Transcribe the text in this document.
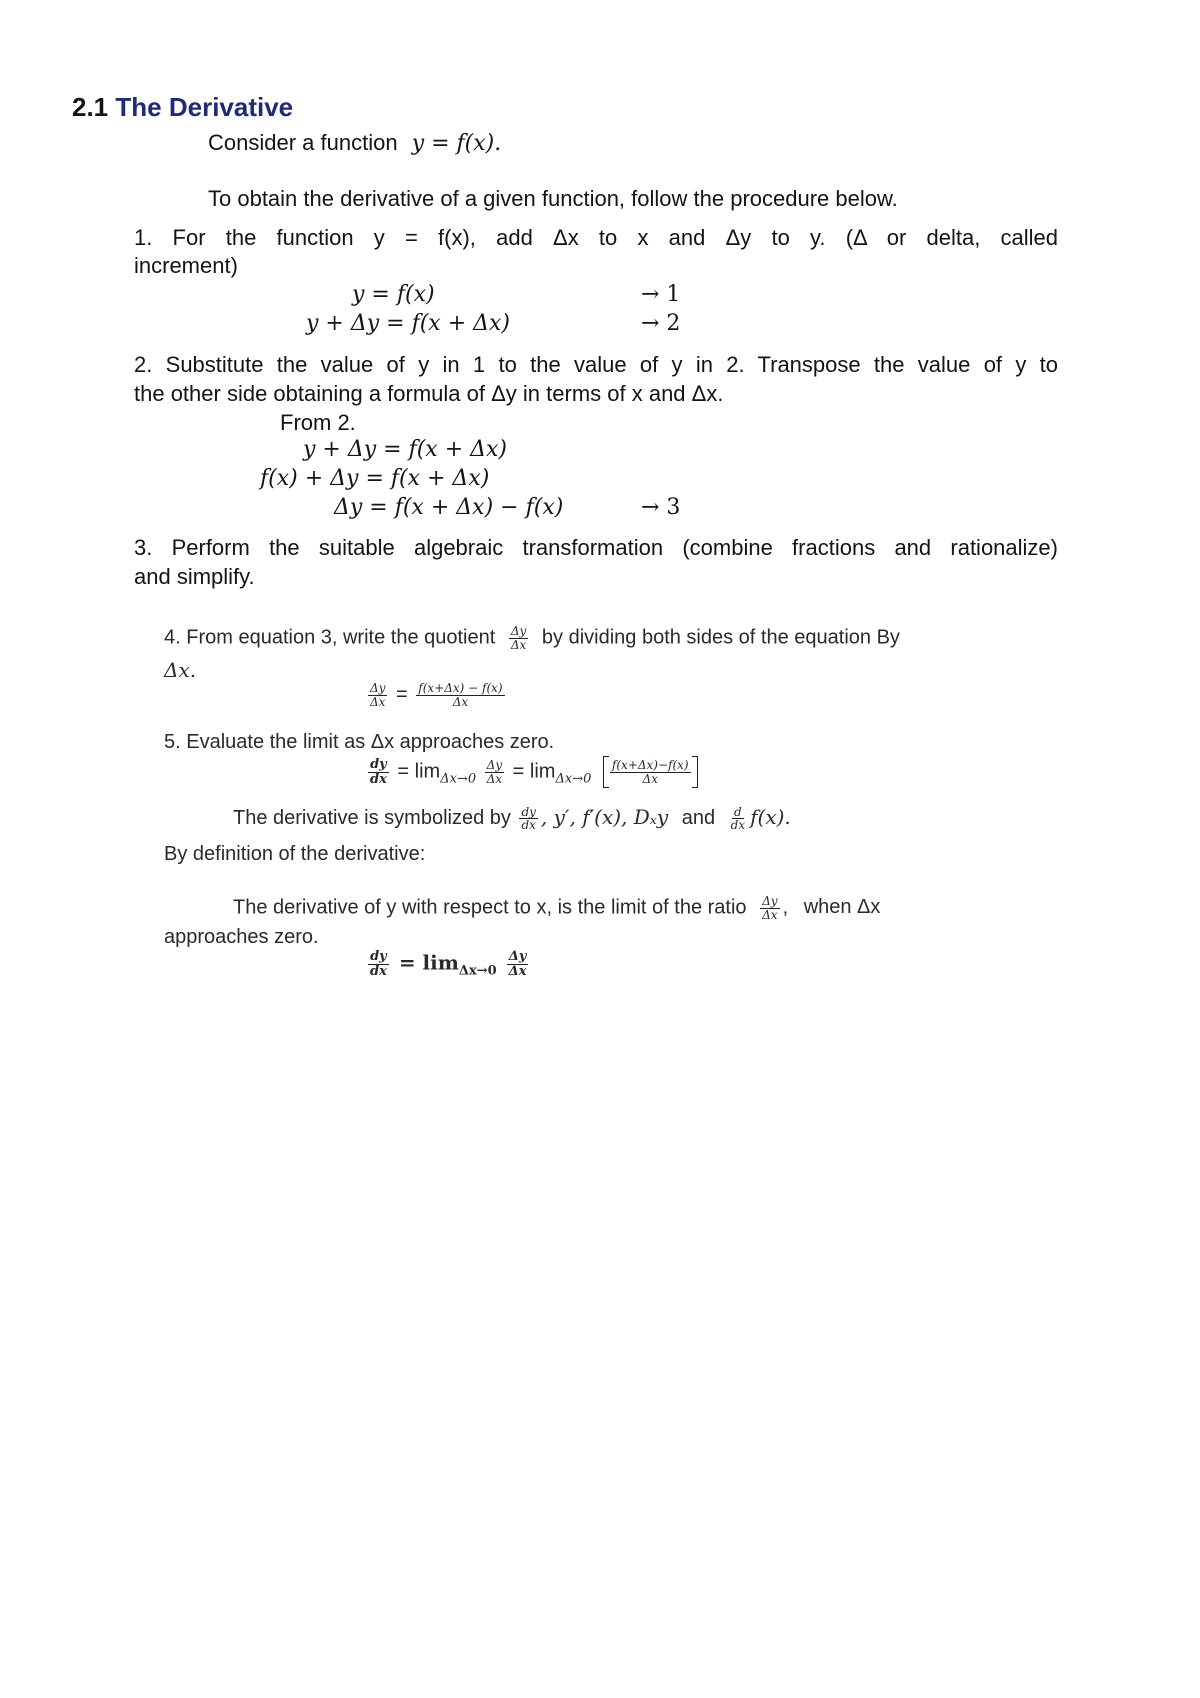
2.1 The Derivative
Consider a function y = f(x).
To obtain the derivative of a given function, follow the procedure below.
1. For the function y = f(x), add Δx to x and Δy to y. (Δ or delta, called
increment)
y = f(x)	→ 1
y + Δy = f(x + Δx)	→ 2
2. Substitute the value of y in 1 to the value of y in 2. Transpose the value of y to
the other side obtaining a formula of Δy in terms of x and Δx.
From 2.
y + Δy = f(x + Δx)
f(x) + Δy = f(x + Δx)
Δy = f(x + Δx) − f(x)	→ 3
3. Perform the suitable algebraic transformation (combine fractions and rationalize)
and simplify.
4. From equation 3, write the quotient $\frac{\Delta y}{\Delta x}$ by dividing both sides of the equation By
Δx.
$\frac{\Delta y}{\Delta x} = \frac{f(x+\Delta x) - f(x)}{\Delta x}$
5. Evaluate the limit as Δx approaches zero.
$\frac{dy}{dx} = \lim_{\Delta x\to 0} \frac{\Delta y}{\Delta x} = \lim_{\Delta x\to 0} \frac{f(x+\Delta x)-f(x)}{\Delta x}$
The derivative is symbolized by $\frac{dy}{dx}$ , y′, f′(x), Dₓy and $\frac{d}{dx} f(x)$.
By definition of the derivative:
The derivative of y with respect to x, is the limit of the ratio $\frac{\Delta y}{\Delta x}$ , when Δx
approaches zero.
$\frac{dy}{dx} = \lim_{\Delta x\to 0} \frac{\Delta y}{\Delta x}$
